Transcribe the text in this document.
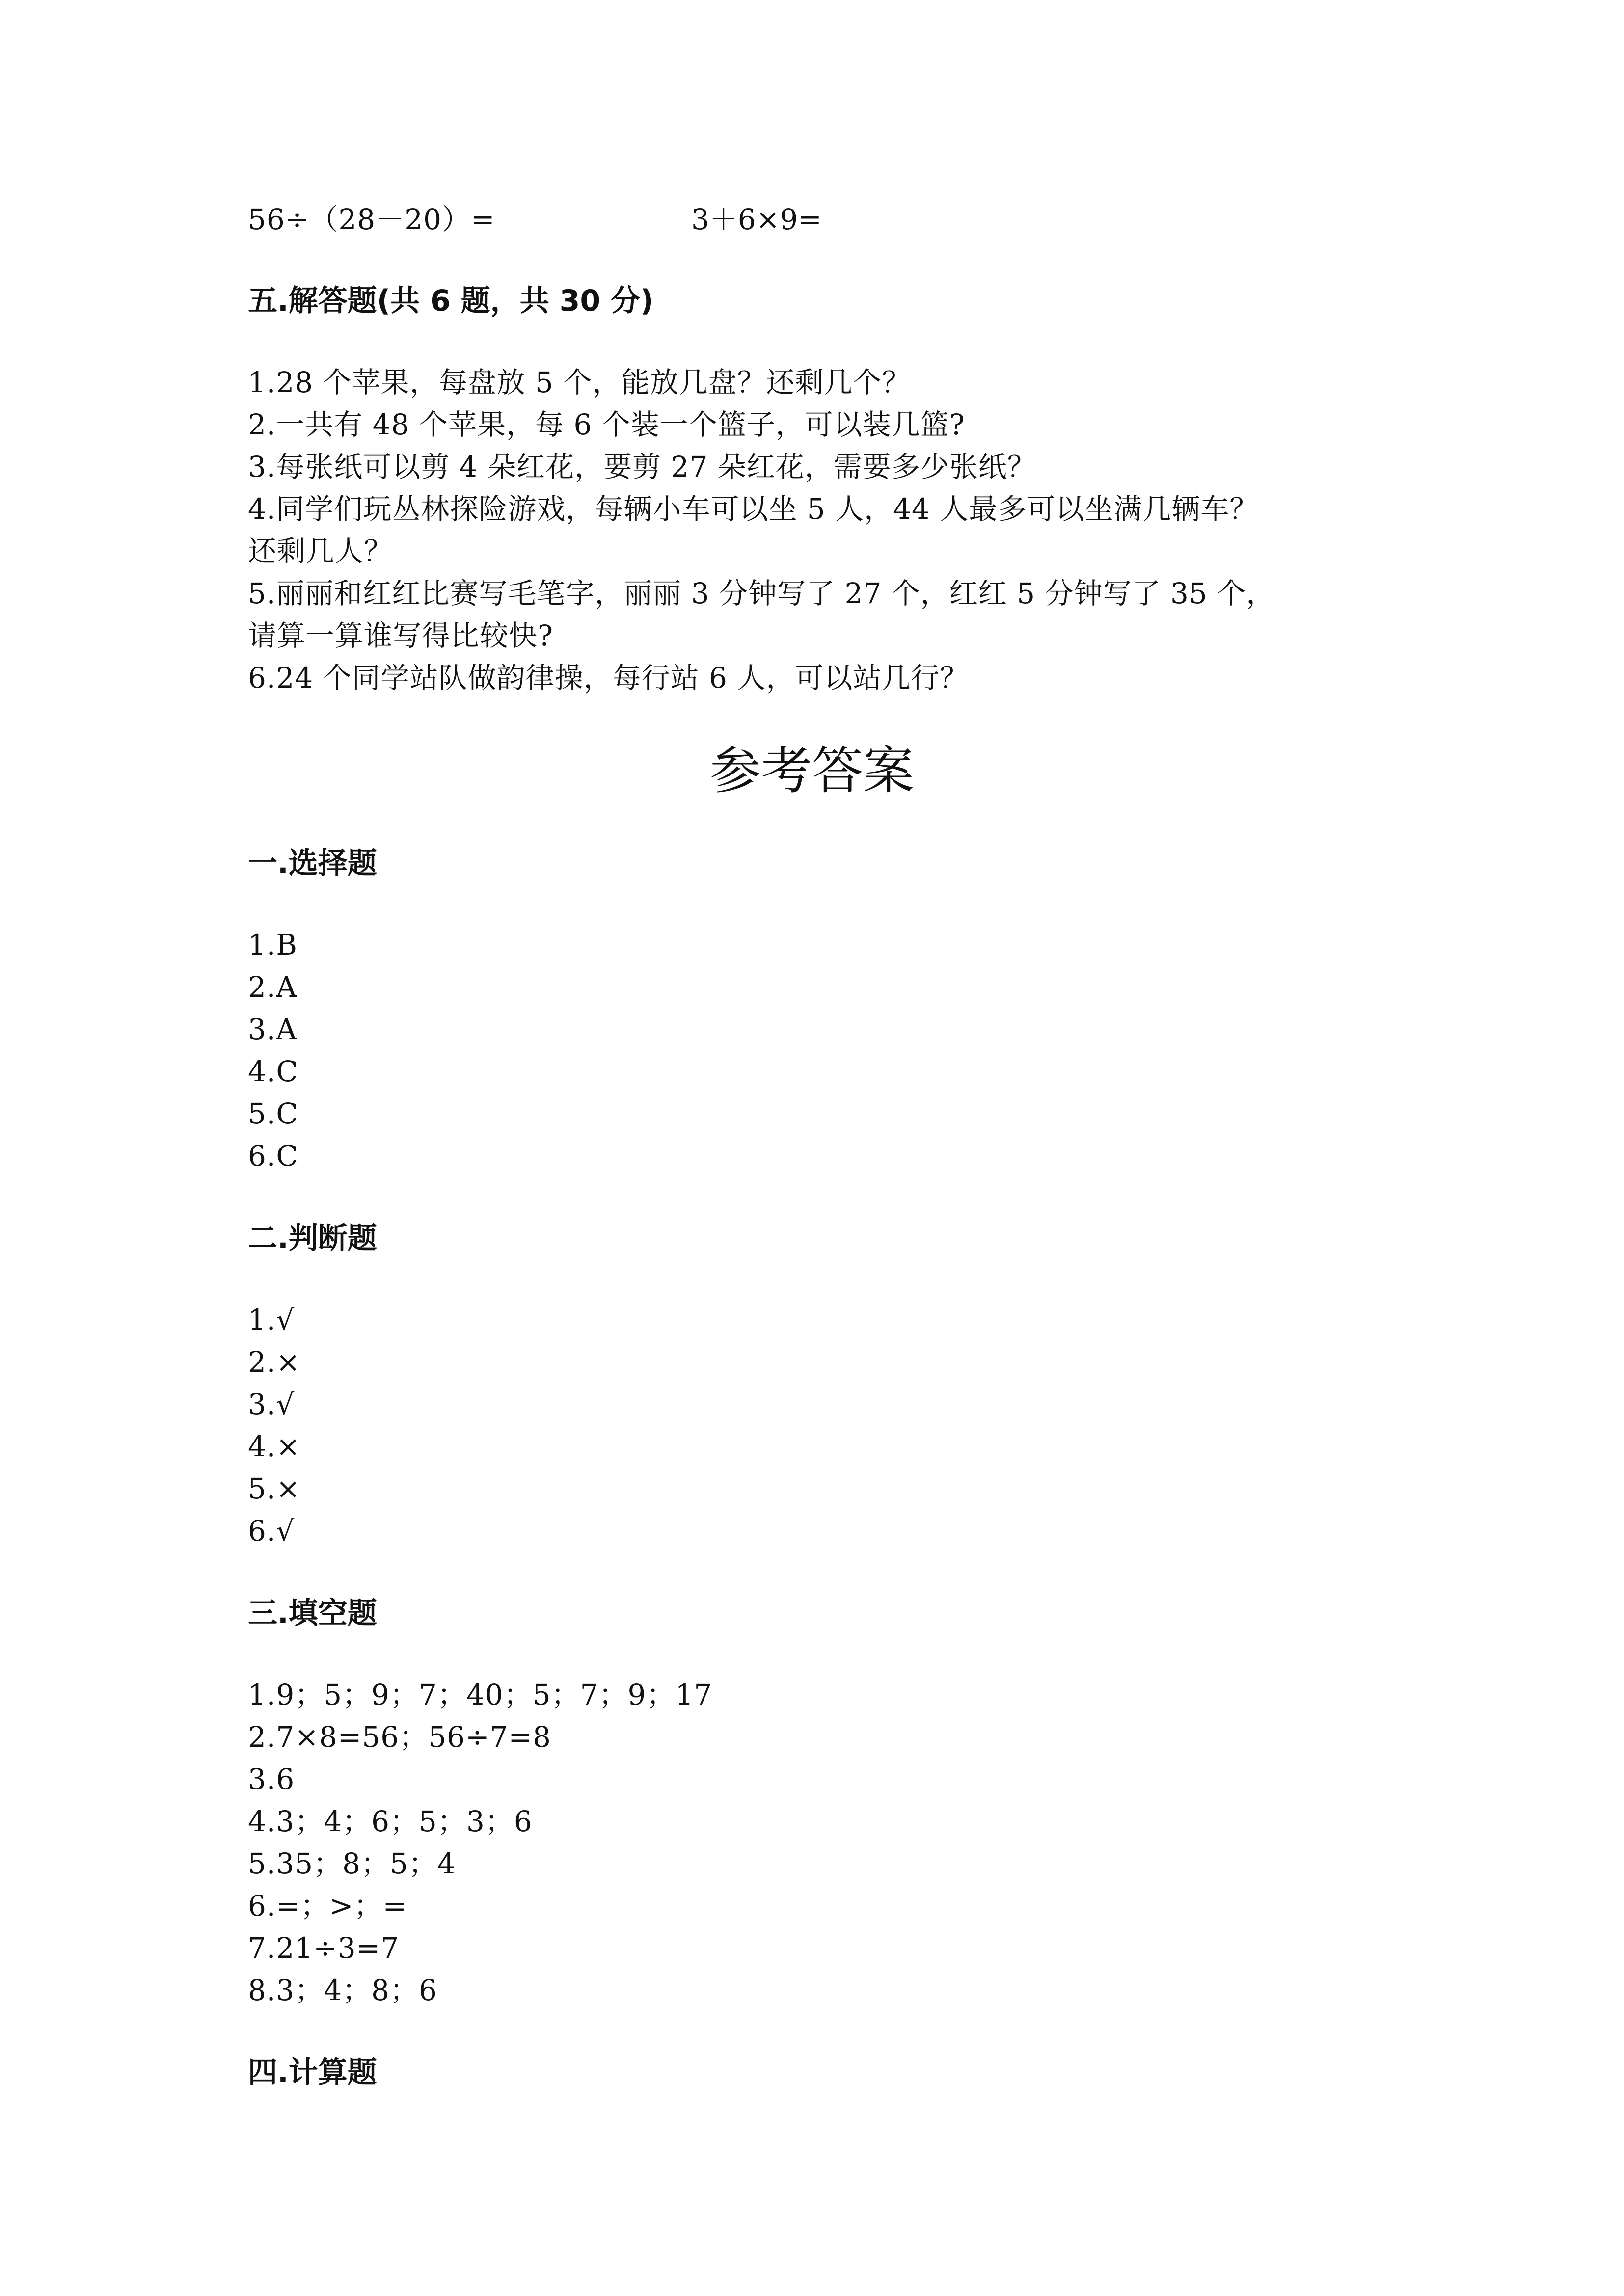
56÷（28－20）=	3＋6×9=
五.解答题(共 6 题，共 30 分)
1.28 个苹果，每盘放 5 个，能放几盘？还剩几个？
2.一共有 48 个苹果，每 6 个装一个篮子，可以装几篮?
3.每张纸可以剪 4 朵红花，要剪 27 朵红花，需要多少张纸？
4.同学们玩丛林探险游戏，每辆小车可以坐 5 人，44 人最多可以坐满几辆车？
还剩几人？
5.丽丽和红红比赛写毛笔字，丽丽 3 分钟写了 27 个，红红 5 分钟写了 35 个，
请算一算谁写得比较快?
6.24 个同学站队做韵律操，每行站 6 人，可以站几行？
参考答案
一.选择题
1.B
2.A
3.A
4.C
5.C
6.C
二.判断题
1.√
2.×
3.√
4.×
5.×
6.√
三.填空题
1.9；5；9；7；40；5；7；9；17
2.7×8=56；56÷7=8
3.6
4.3；4；6；5；3；6
5.35；8；5；4
6.=；>；=
7.21÷3=7
8.3；4；8；6
四.计算题
